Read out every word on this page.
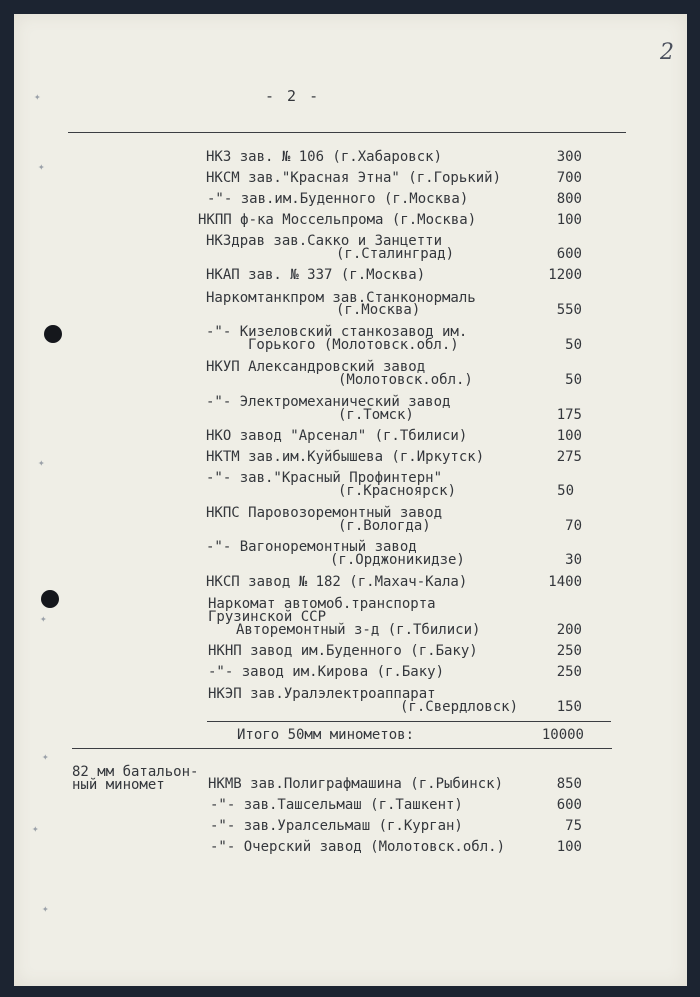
2
- 2 -
✦
✦
✦
✦
✦
✦
✦
НКЗ зав. № 106 (г.Хабаровск)	300
НКСМ зав."Красная Этна" (г.Горький)	700
-"- зав.им.Буденного (г.Москва)	800
НКПП ф-ка Моссельпрома (г.Москва)	100
НКЗдрав зав.Сакко и Занцетти
(г.Сталинград)	600
НКАП зав. № 337 (г.Москва)	1200
Наркомтанкпром зав.Станконормаль
(г.Москва)	550
-"- Кизеловский станкозавод им.
Горького (Молотовск.обл.)	50
НКУП Александровский завод
(Молотовск.обл.)	50
-"- Электромеханический завод
(г.Томск)	175
НКО завод "Арсенал" (г.Тбилиси)	100
НКТМ зав.им.Куйбышева (г.Иркутск)	275
-"- зав."Красный Профинтерн"
(г.Красноярск)	50
НКПС Паровозоремонтный завод
(г.Вологда)	70
-"- Вагоноремонтный завод
(г.Орджоникидзе)	30
НКСП завод № 182 (г.Махач-Кала)	1400
Наркомат автомоб.транспорта
Грузинской ССР
Авторемонтный з-д (г.Тбилиси)	200
НКНП завод им.Буденного (г.Баку)	250
-"- завод им.Кирова (г.Баку)	250
НКЭП зав.Уралэлектроаппарат
(г.Свердловск)	150
Итого 50мм минометов:	10000
82 мм батальон-
ный миномет	НКМВ зав.Полиграфмашина (г.Рыбинск)	850
-"- зав.Ташсельмаш (г.Ташкент)	600
-"- зав.Уралсельмаш (г.Курган)	75
-"- Очерский завод (Молотовск.обл.)	100
